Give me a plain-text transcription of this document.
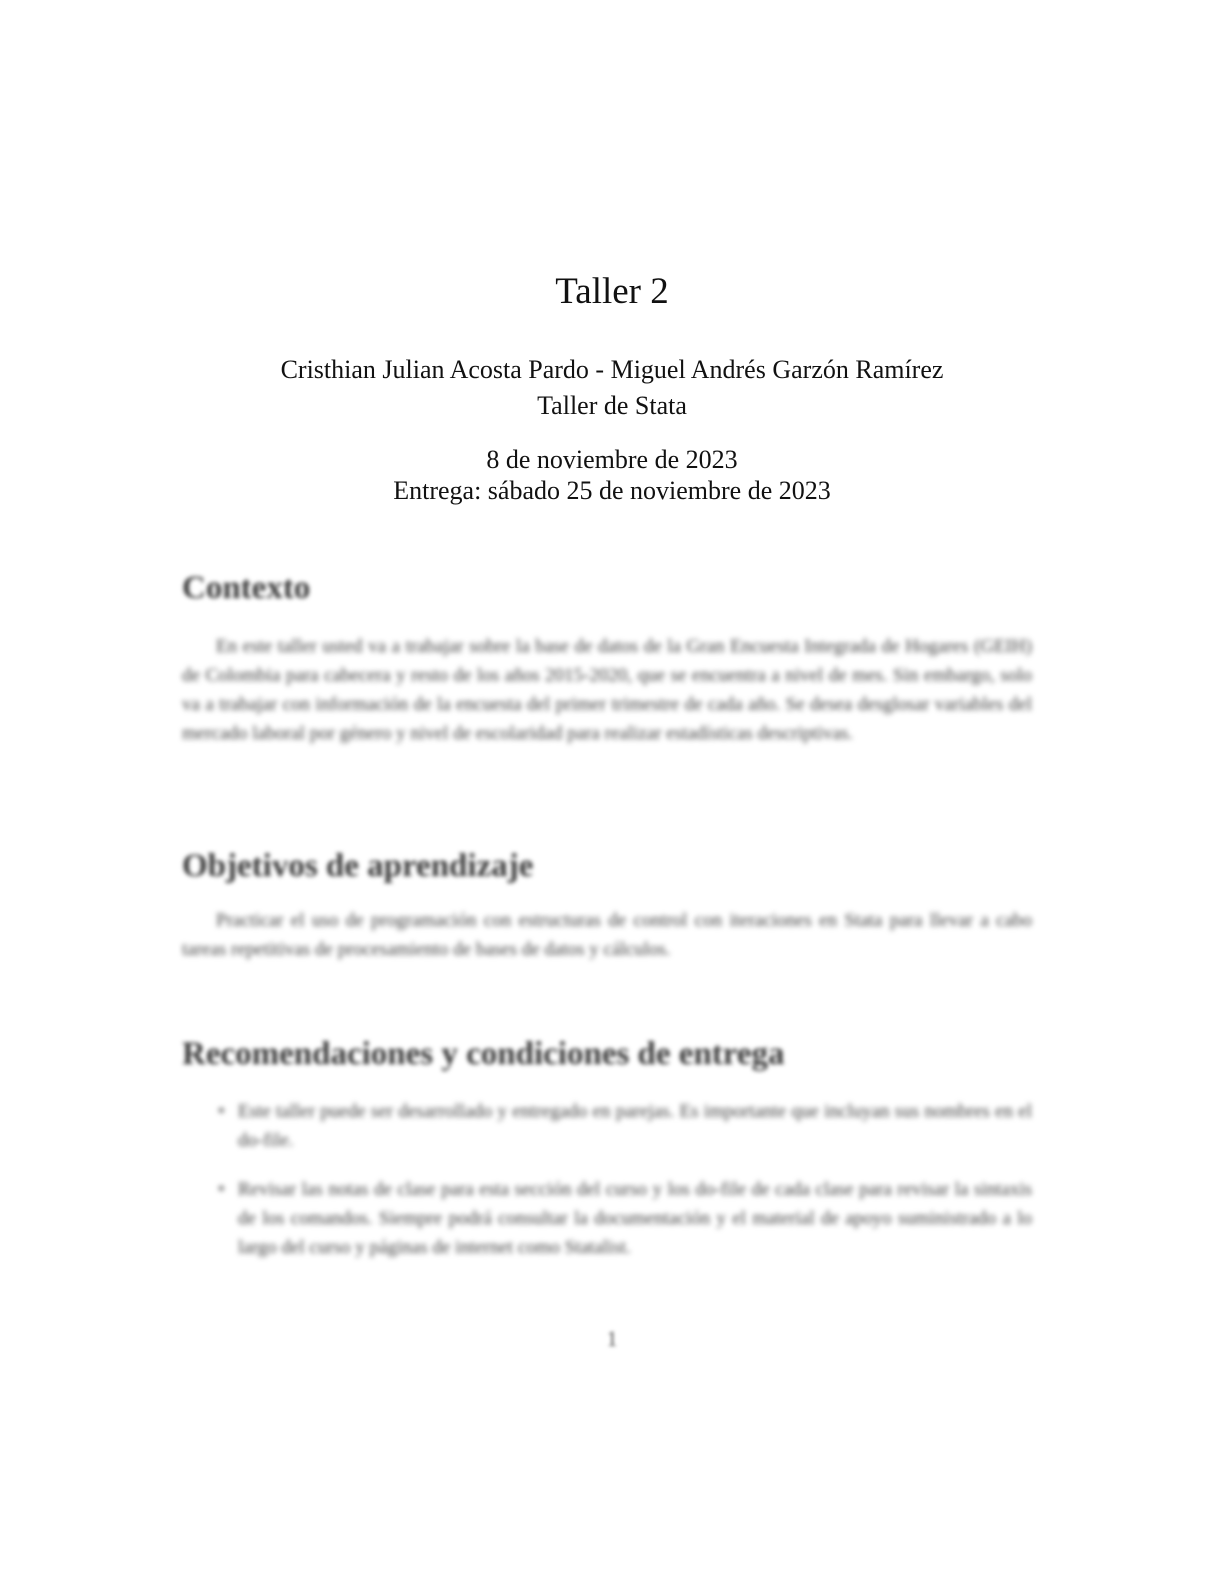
Taller 2
Cristhian Julian Acosta Pardo - Miguel Andrés Garzón Ramírez
Taller de Stata
8 de noviembre de 2023
Entrega: sábado 25 de noviembre de 2023
Contexto
En este taller usted va a trabajar sobre la base de datos de la Gran Encuesta Integrada de Hogares (GEIH) de Colombia para cabecera y resto de los años 2015-2020, que se encuentra a nivel de mes. Sin embargo, solo va a trabajar con información de la encuesta del primer trimestre de cada año. Se desea desglosar variables del mercado laboral por género y nivel de escolaridad para realizar estadísticas descriptivas.
Objetivos de aprendizaje
Practicar el uso de programación con estructuras de control con iteraciones en Stata para llevar a cabo tareas repetitivas de procesamiento de bases de datos y cálculos.
Recomendaciones y condiciones de entrega
• Este taller puede ser desarrollado y entregado en parejas. Es importante que incluyan sus nombres en el do-file.
• Revisar las notas de clase para esta sección del curso y los do-file de cada clase para revisar la sintaxis de los comandos. Siempre podrá consultar la documentación y el material de apoyo suministrado a lo largo del curso y páginas de internet como Statalist.
1
